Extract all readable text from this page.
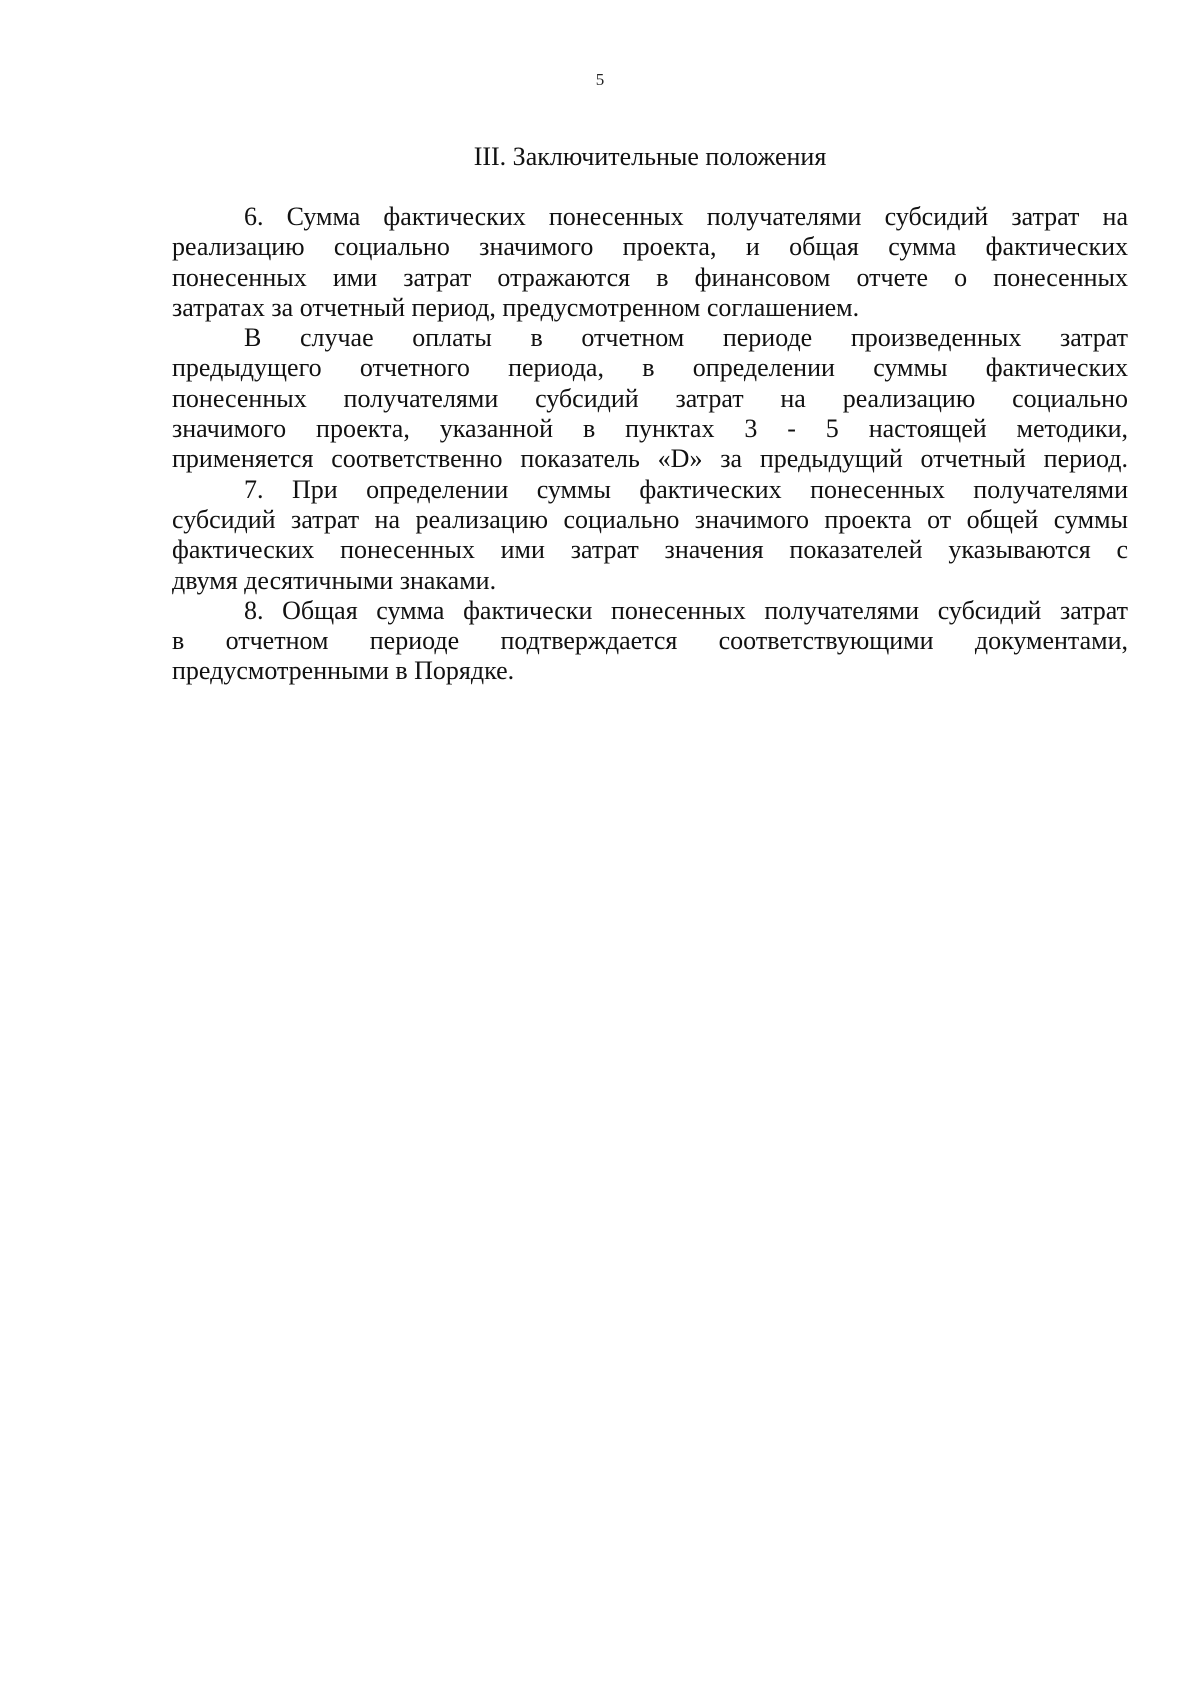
5
III. Заключительные положения
6. Сумма фактических понесенных получателями субсидий затрат на
реализацию социально значимого проекта, и общая сумма фактических
понесенных ими затрат отражаются в финансовом отчете о понесенных
затратах за отчетный период, предусмотренном соглашением.
В случае оплаты в отчетном периоде произведенных затрат
предыдущего отчетного периода, в определении суммы фактических
понесенных получателями субсидий затрат на реализацию социально
значимого проекта, указанной в пунктах 3 - 5 настоящей методики,
применяется соответственно показатель «D» за предыдущий отчетный период.
7. При определении суммы фактических понесенных получателями
субсидий затрат на реализацию социально значимого проекта от общей суммы
фактических понесенных ими затрат значения показателей указываются с
двумя десятичными знаками.
8. Общая сумма фактически понесенных получателями субсидий затрат
в отчетном периоде подтверждается соответствующими документами,
предусмотренными в Порядке.
